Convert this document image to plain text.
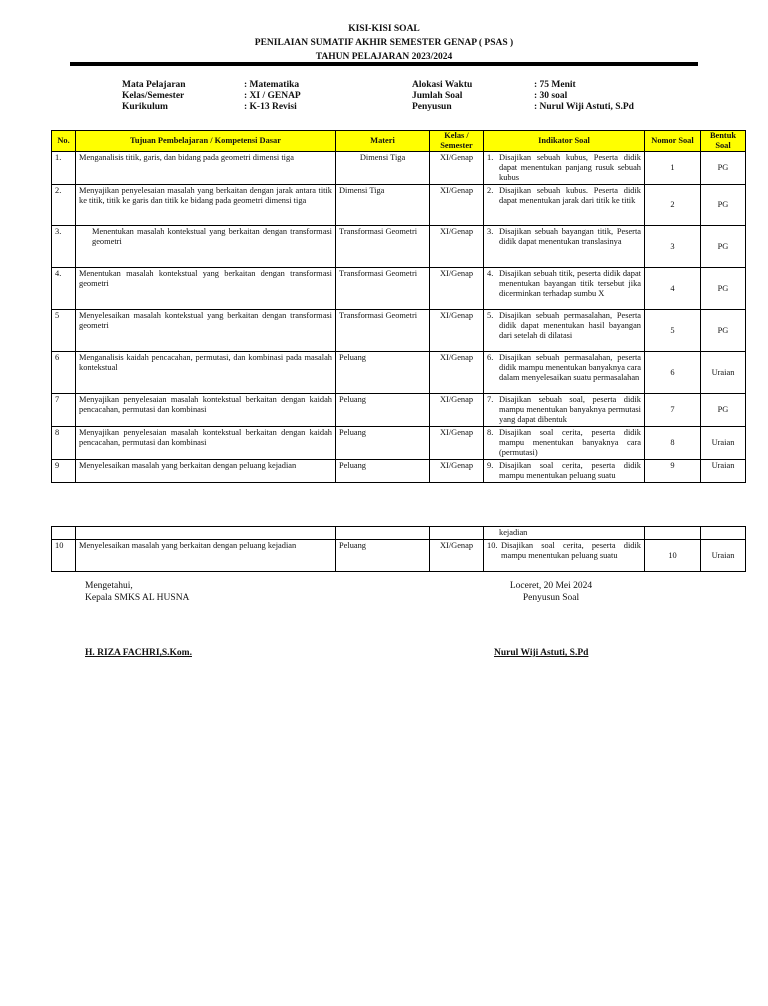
KISI-KISI SOAL
PENILAIAN SUMATIF AKHIR SEMESTER GENAP ( PSAS )
TAHUN PELAJARAN 2023/2024
Mata Pelajaran	: Matematika
Kelas/Semester	: XI / GENAP
Kurikulum	: K-13 Revisi
Alokasi Waktu	: 75 Menit
Jumlah Soal	: 30 soal
Penyusun	: Nurul Wiji Astuti, S.Pd
No.	Tujuan Pembelajaran / Kompetensi Dasar	Materi	Kelas / Semester	Indikator Soal	Nomor Soal	Bentuk Soal
1.	Menganalisis titik, garis, dan bidang pada geometri dimensi tiga	Dimensi Tiga	XI/Genap	1. Disajikan sebuah kubus, Peserta didik dapat menentukan panjang rusuk sebuah kubus	1	PG
2.	Menyajikan penyelesaian masalah yang berkaitan dengan jarak antara titik ke titik, titik ke garis dan titik ke bidang pada geometri dimensi tiga	Dimensi Tiga	XI/Genap	2. Disajikan sebuah kubus. Peserta didik dapat menentukan jarak dari titik ke titik	2	PG
3.	Menentukan masalah kontekstual yang berkaitan dengan transformasi geometri	Transformasi Geometri	XI/Genap	3. Disajikan sebuah bayangan titik, Peserta didik dapat menentukan translasinya	3	PG
4.	Menentukan masalah kontekstual yang berkaitan dengan transformasi geometri	Transformasi Geometri	XI/Genap	4. Disajikan sebuah titik, peserta didik dapat menentukan bayangan titik tersebut jika dicerminkan terhadap sumbu X	4	PG
5	Menyelesaikan masalah kontekstual yang berkaitan dengan transformasi geometri	Transformasi Geometri	XI/Genap	5. Disajikan sebuah permasalahan, Peserta didik dapat menentukan hasil bayangan dari setelah di dilatasi	5	PG
6	Menganalisis kaidah pencacahan, permutasi, dan kombinasi pada masalah kontekstual	Peluang	XI/Genap	6. Disajikan sebuah permasalahan, peserta didik mampu menentukan banyaknya cara dalam menyelesaikan suatu permasalahan	6	Uraian
7	Menyajikan penyelesaian masalah kontekstual berkaitan dengan kaidah pencacahan, permutasi dan kombinasi	Peluang	XI/Genap	7. Disajikan sebuah soal, peserta didik mampu menentukan banyaknya permutasi yang dapat dibentuk	7	PG
8	Menyajikan penyelesaian masalah kontekstual berkaitan dengan kaidah pencacahan, permutasi dan kombinasi	Peluang	XI/Genap	8. Disajikan soal cerita, peserta didik mampu menentukan banyaknya cara (permutasi)	8	Uraian
9	Menyelesaikan masalah yang berkaitan dengan peluang kejadian	Peluang	XI/Genap	9. Disajikan soal cerita, peserta didik mampu menentukan peluang suatu	9	Uraian
				kejadian		
10	Menyelesaikan masalah yang berkaitan dengan peluang kejadian	Peluang	XI/Genap	10. Disajikan soal cerita, peserta didik mampu menentukan peluang suatu	10	Uraian
Mengetahui,
Kepala SMKS AL HUSNA
Loceret, 20 Mei 2024
Penyusun Soal
H. RIZA FACHRI,S.Kom.	Nurul Wiji Astuti, S.Pd
